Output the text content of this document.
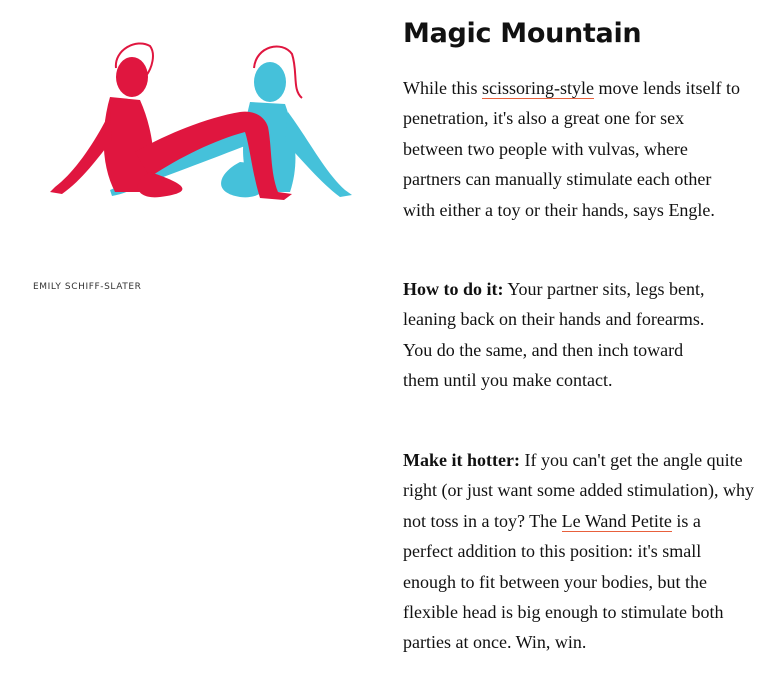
EMILY SCHIFF-SLATER
Magic Mountain

While this scissoring-style move lends itself to penetration, it's also a great one for sex between two people with vulvas, where partners can manually stimulate each other with either a toy or their hands, says Engle.

How to do it: Your partner sits, legs bent, leaning back on their hands and forearms. You do the same, and then inch toward them until you make contact.

Make it hotter: If you can't get the angle quite right (or just want some added stimulation), why not toss in a toy? The Le Wand Petite is a perfect addition to this position: it's small enough to fit between your bodies, but the flexible head is big enough to stimulate both parties at once. Win, win.
